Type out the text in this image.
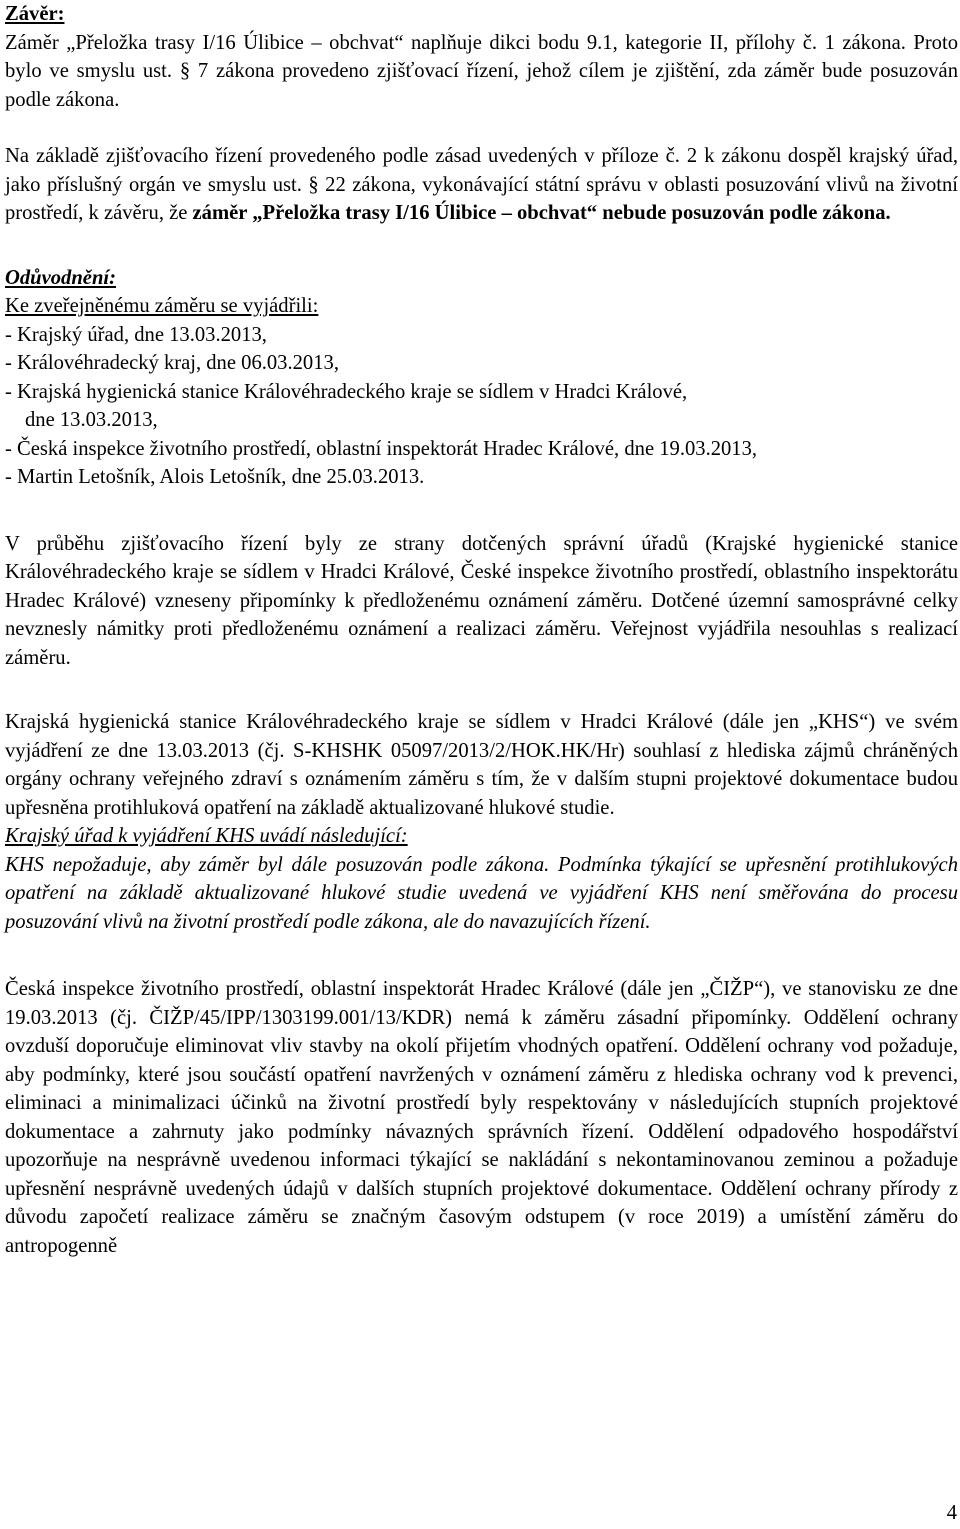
Závěr:

Záměr „Přeložka trasy I/16 Úlibice – obchvat“ naplňuje dikci bodu 9.1, kategorie II, přílohy č. 1 zákona. Proto bylo ve smyslu ust. § 7 zákona provedeno zjišťovací řízení, jehož cílem je zjištění, zda záměr bude posuzován podle zákona.

Na základě zjišťovacího řízení provedeného podle zásad uvedených v příloze č. 2 k zákonu dospěl krajský úřad, jako příslušný orgán ve smyslu ust. § 22 zákona, vykonávající státní správu v oblasti posuzování vlivů na životní prostředí, k závěru, že záměr „Přeložka trasy I/16 Úlibice – obchvat“ nebude posuzován podle zákona.

Odůvodnění:

Ke zveřejněnému záměru se vyjádřili:

- Krajský úřad, dne 13.03.2013,

- Královéhradecký kraj, dne 06.03.2013,

- Krajská hygienická stanice Královéhradeckého kraje se sídlem v Hradci Králové,

dne 13.03.2013,

- Česká inspekce životního prostředí, oblastní inspektorát Hradec Králové, dne 19.03.2013,

- Martin Letošník, Alois Letošník, dne 25.03.2013.

V průběhu zjišťovacího řízení byly ze strany dotčených správní úřadů (Krajské hygienické stanice Královéhradeckého kraje se sídlem v Hradci Králové, České inspekce životního prostředí, oblastního inspektorátu Hradec Králové) vzneseny připomínky k předloženému oznámení záměru. Dotčené územní samosprávné celky nevznesly námitky proti předloženému oznámení a realizaci záměru. Veřejnost vyjádřila nesouhlas s realizací záměru.

Krajská hygienická stanice Královéhradeckého kraje se sídlem v Hradci Králové (dále jen „KHS“) ve svém vyjádření ze dne 13.03.2013 (čj. S-KHSHK 05097/2013/2/HOK.HK/Hr) souhlasí z hlediska zájmů chráněných orgány ochrany veřejného zdraví s oznámením záměru s tím, že v dalším stupni projektové dokumentace budou upřesněna protihluková opatření na základě aktualizované hlukové studie.

Krajský úřad k vyjádření KHS uvádí následující:

KHS nepožaduje, aby záměr byl dále posuzován podle zákona. Podmínka týkající se upřesnění protihlukových opatření na základě aktualizované hlukové studie uvedená ve vyjádření KHS není směřována do procesu posuzování vlivů na životní prostředí podle zákona, ale do navazujících řízení.

Česká inspekce životního prostředí, oblastní inspektorát Hradec Králové (dále jen „ČIŽP“), ve stanovisku ze dne 19.03.2013 (čj. ČIŽP/45/IPP/1303199.001/13/KDR) nemá k záměru zásadní připomínky. Oddělení ochrany ovzduší doporučuje eliminovat vliv stavby na okolí přijetím vhodných opatření. Oddělení ochrany vod požaduje, aby podmínky, které jsou součástí opatření navržených v oznámení záměru z hlediska ochrany vod k prevenci, eliminaci a minimalizaci účinků na životní prostředí byly respektovány v následujících stupních projektové dokumentace a zahrnuty jako podmínky návazných správních řízení. Oddělení odpadového hospodářství upozorňuje na nesprávně uvedenou informaci týkající se nakládání s nekontaminovanou zeminou a požaduje upřesnění nesprávně uvedených údajů v dalších stupních projektové dokumentace. Oddělení ochrany přírody z důvodu započetí realizace záměru se značným časovým odstupem (v roce 2019) a umístění záměru do antropogenně

4
